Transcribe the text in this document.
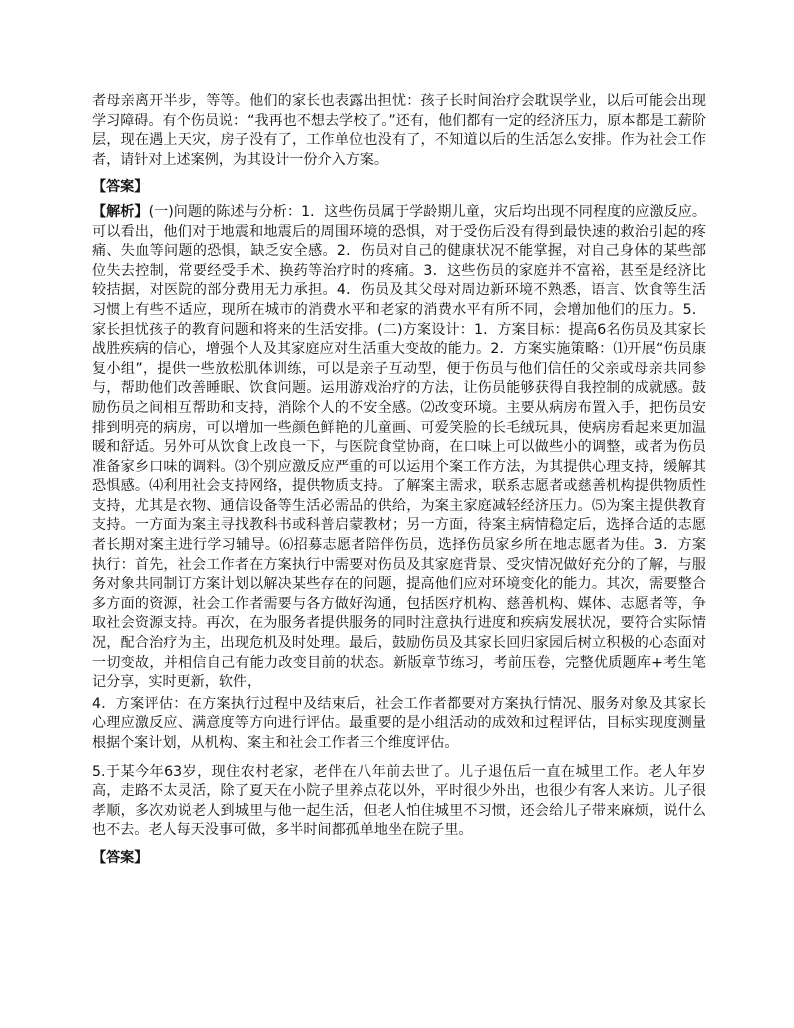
者母亲离开半步，等等。他们的家长也表露出担忧：孩子长时间治疗会耽误学业，以后可能会出现学习障碍。有个伤员说：“我再也不想去学校了。”还有，他们都有一定的经济压力，原本都是工薪阶层，现在遇上天灾，房子没有了，工作单位也没有了，不知道以后的生活怎么安排。作为社会工作者，请针对上述案例，为其设计一份介入方案。

【答案】

【解析】(一)问题的陈述与分析：1．这些伤员属于学龄期儿童，灾后均出现不同程度的应激反应。可以看出，他们对于地震和地震后的周围环境的恐惧，对于受伤后没有得到最快速的救治引起的疼痛、失血等问题的恐惧，缺乏安全感。2．伤员对自己的健康状况不能掌握，对自己身体的某些部位失去控制，常要经受手术、换药等治疗时的疼痛。3．这些伤员的家庭并不富裕，甚至是经济比较拮据，对医院的部分费用无力承担。4．伤员及其父母对周边新环境不熟悉，语言、饮食等生活习惯上有些不适应，现所在城市的消费水平和老家的消费水平有所不同，会增加他们的压力。5．家长担忧孩子的教育问题和将来的生活安排。(二)方案设计：1．方案目标：提高6名伤员及其家长战胜疾病的信心，增强个人及其家庭应对生活重大变故的能力。2．方案实施策略：⑴开展“伤员康复小组”，提供一些放松肌体训练，可以是亲子互动型，便于伤员与他们信任的父亲或母亲共同参与，帮助他们改善睡眠、饮食问题。运用游戏治疗的方法，让伤员能够获得自我控制的成就感。鼓励伤员之间相互帮助和支持，消除个人的不安全感。⑵改变环境。主要从病房布置入手，把伤员安排到明亮的病房，可以增加一些颜色鲜艳的儿童画、可爱笑脸的长毛绒玩具，使病房看起来更加温暖和舒适。另外可从饮食上改良一下，与医院食堂协商，在口味上可以做些小的调整，或者为伤员准备家乡口味的调料。⑶个别应激反应严重的可以运用个案工作方法，为其提供心理支持，缓解其恐惧感。⑷利用社会支持网络，提供物质支持。了解案主需求，联系志愿者或慈善机构提供物质性支持，尤其是衣物、通信设备等生活必需品的供给，为案主家庭减轻经济压力。⑸为案主提供教育支持。一方面为案主寻找教科书或科普启蒙教材；另一方面，待案主病情稳定后，选择合适的志愿者长期对案主进行学习辅导。⑹招募志愿者陪伴伤员，选择伤员家乡所在地志愿者为佳。3．方案执行：首先，社会工作者在方案执行中需要对伤员及其家庭背景、受灾情况做好充分的了解，与服务对象共同制订方案计划以解决某些存在的问题，提高他们应对环境变化的能力。其次，需要整合多方面的资源，社会工作者需要与各方做好沟通，包括医疗机构、慈善机构、媒体、志愿者等，争取社会资源支持。再次，在为服务者提供服务的同时注意执行进度和疾病发展状况，要符合实际情况，配合治疗为主，出现危机及时处理。最后，鼓励伤员及其家长回归家园后树立积极的心态面对一切变故，并相信自己有能力改变目前的状态。新版章节练习，考前压卷，完整优质题库+考生笔记分享，实时更新，软件，

4．方案评估：在方案执行过程中及结束后，社会工作者都要对方案执行情况、服务对象及其家长心理应激反应、满意度等方向进行评估。最重要的是小组活动的成效和过程评估，目标实现度测量根据个案计划，从机构、案主和社会工作者三个维度评估。

5.于某今年63岁，现住农村老家，老伴在八年前去世了。儿子退伍后一直在城里工作。老人年岁高，走路不太灵活，除了夏天在小院子里养点花以外，平时很少外出，也很少有客人来访。儿子很孝顺，多次劝说老人到城里与他一起生活，但老人怕住城里不习惯，还会给儿子带来麻烦，说什么也不去。老人每天没事可做，多半时间都孤单地坐在院子里。

【答案】
